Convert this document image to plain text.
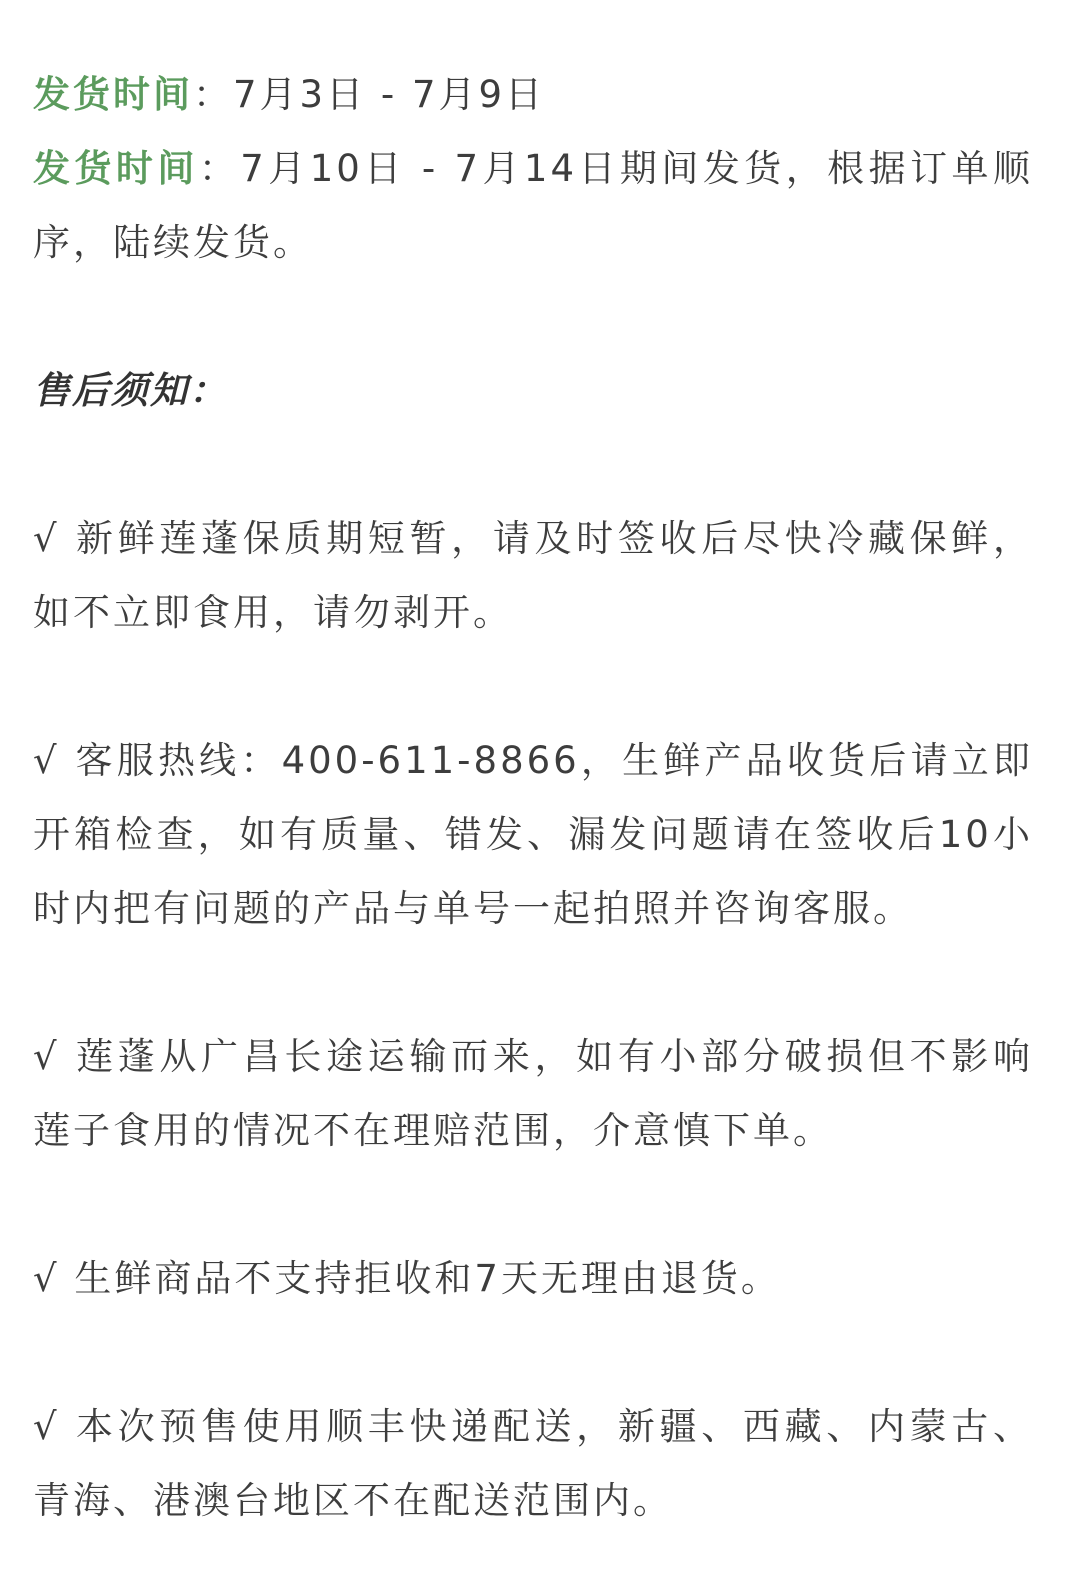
发货时间：7月3日 - 7月9日
发货时间：7月10日 - 7月14日期间发货，根据订单顺序，陆续发货。
售后须知：

√ 新鲜莲蓬保质期短暂，请及时签收后尽快冷藏保鲜，如不立即食用，请勿剥开。

√ 客服热线：400-611-8866，生鲜产品收货后请立即开箱检查，如有质量、错发、漏发问题请在签收后10小时内把有问题的产品与单号一起拍照并咨询客服。

√ 莲蓬从广昌长途运输而来，如有小部分破损但不影响莲子食用的情况不在理赔范围，介意慎下单。

√ 生鲜商品不支持拒收和7天无理由退货。

√ 本次预售使用顺丰快递配送，新疆、西藏、内蒙古、青海、港澳台地区不在配送范围内。
